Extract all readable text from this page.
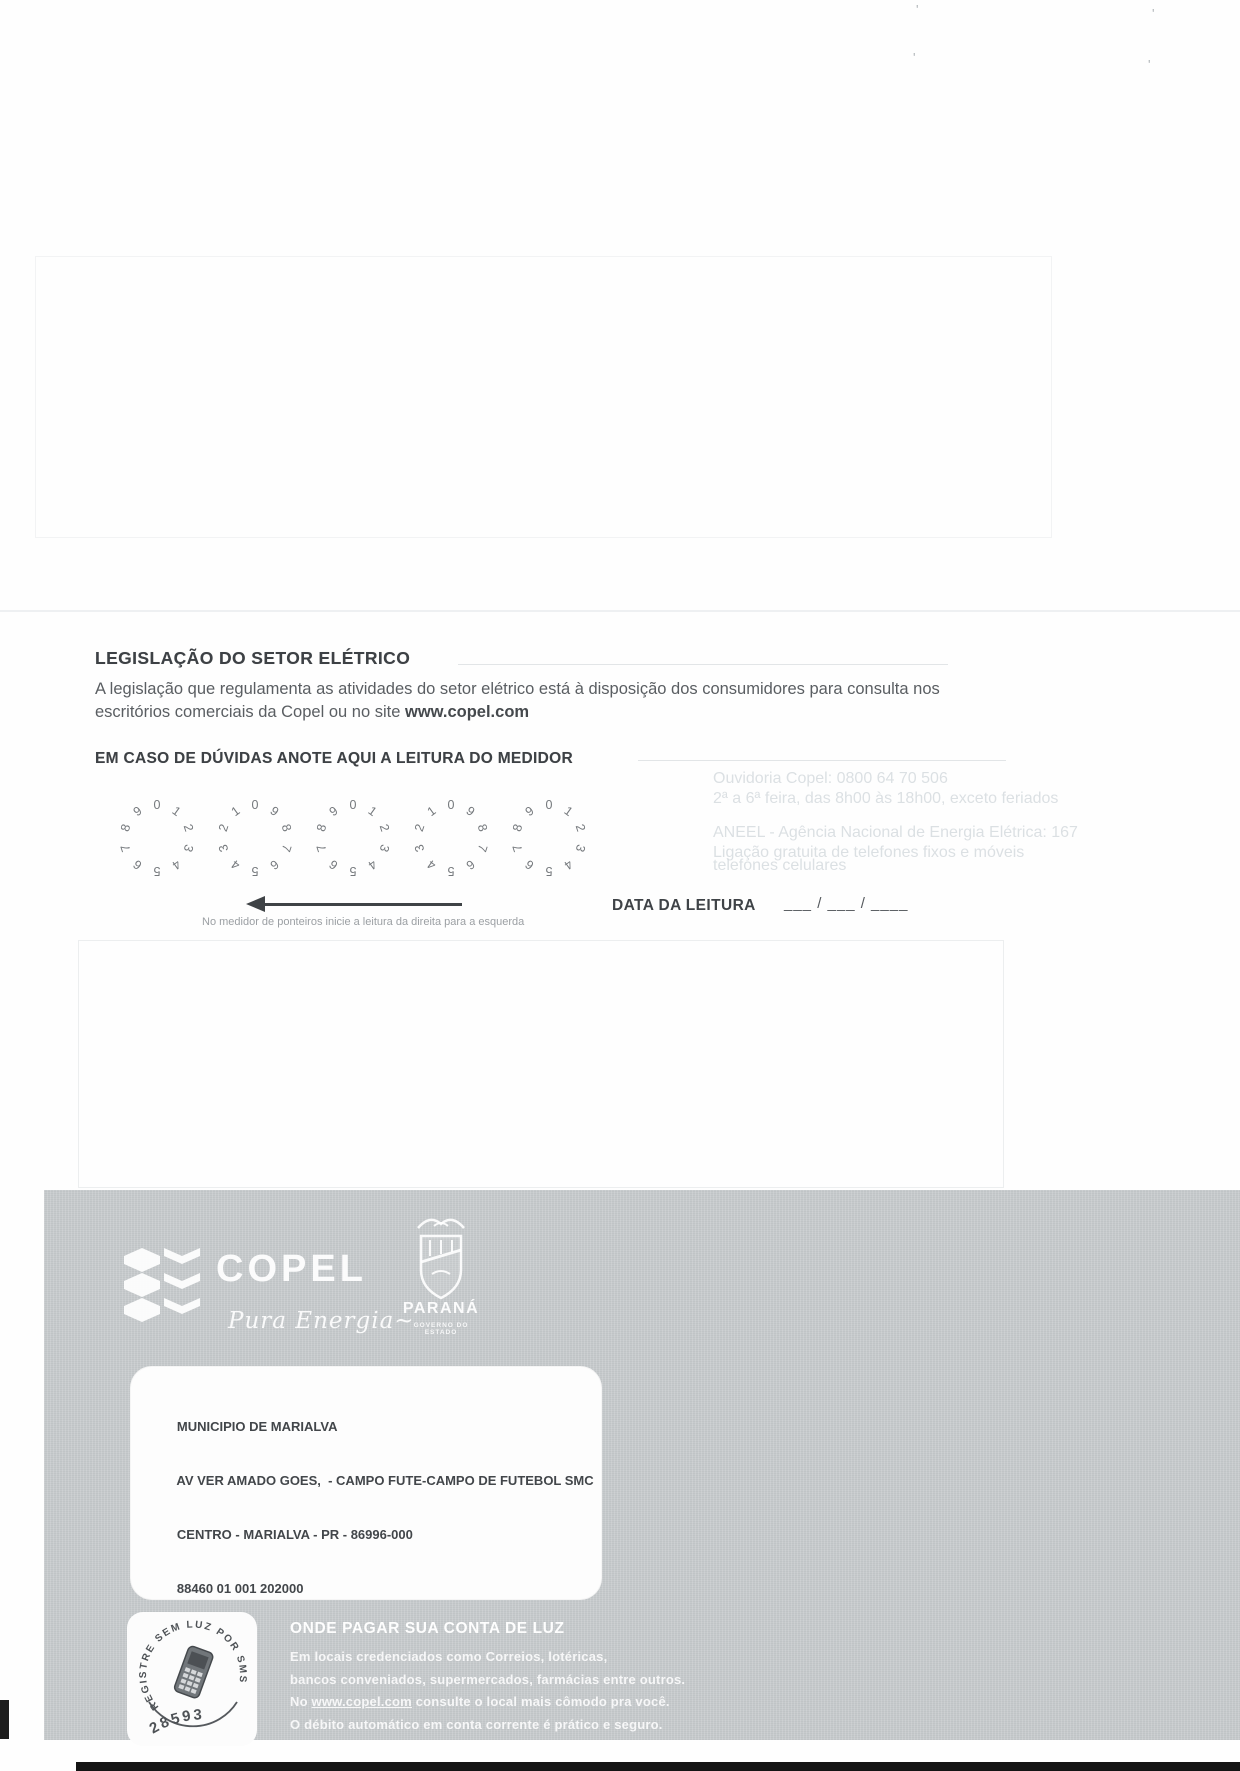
'	'
'	'
LEGISLAÇÃO DO SETOR ELÉTRICO
A legislação que regulamenta as atividades do setor elétrico está à disposição dos consumidores para consulta nos
escritórios comerciais da Copel ou no site www.copel.com
EM CASO DE DÚVIDAS ANOTE AQUI A LEITURA DO MEDIDOR
Ouvidoria Copel: 0800 64 70 506
2ª a 6ª feira, das 8h00 às 18h00, exceto feriados
ANEEL - Agência Nacional de Energia Elétrica: 167
Ligação gratuita de telefones fixos e móveis
telefones celulares
0 1
2
3
4
5
6
7
8
9	0
1
2
3
4 5 6
7
8
9	0 1
2
3
4
5
6
7
8
9	0
1
2
3
4 5 6
7
8
9	0 1
2
3
4
5
6
7
8
9
No medidor de ponteiros inicie a leitura da direita para a esquerda
DATA DA LEITURA ___ / ___ / ____
COPEL
Pura Energia~
PARANÁ
GOVERNO DO ESTADO

MUNICIPIO DE MARIALVA

AV VER AMADO GOES,  - CAMPO FUTE-CAMPO DE FUTEBOL SMC

CENTRO - MARIALVA - PR - 86996-000

88460 01 001 202000

REGISTRE SEM LUZ POR SMS
28593
ONDE PAGAR SUA CONTA DE LUZ
Em locais credenciados como Correios, lotéricas,
bancos conveniados, supermercados, farmácias entre outros.
No www.copel.com consulte o local mais cômodo pra você.
O débito automático em conta corrente é prático e seguro.
